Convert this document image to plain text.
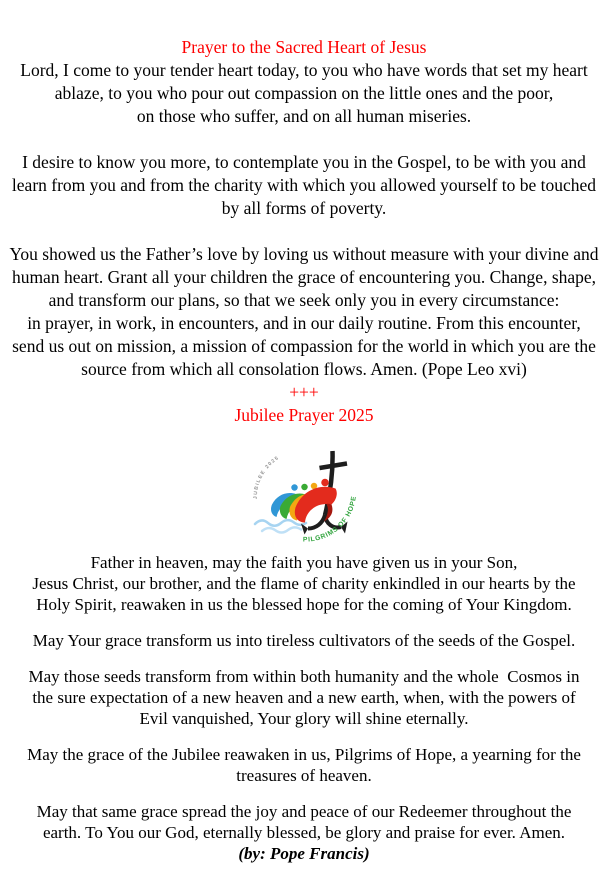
Prayer to the Sacred Heart of Jesus
Lord, I come to your tender heart today, to you who have words that set my heart
ablaze, to you who pour out compassion on the little ones and the poor,
on those who suffer, and on all human miseries.
I desire to know you more, to contemplate you in the Gospel, to be with you and
learn from you and from the charity with which you allowed yourself to be touched
by all forms of poverty.
You showed us the Father’s love by loving us without measure with your divine and
human heart. Grant all your children the grace of encountering you. Change, shape,
and transform our plans, so that we seek only you in every circumstance:
in prayer, in work, in encounters, and in our daily routine. From this encounter,
send us out on mission, a mission of compassion for the world in which you are the
source from which all consolation flows. Amen. (Pope Leo xvi)
+++
Jubilee Prayer 2025
JUBILEE 2025
PILGRIMS OF HOPE
Father in heaven, may the faith you have given us in your Son,
Jesus Christ, our brother, and the flame of charity enkindled in our hearts by the
Holy Spirit, reawaken in us the blessed hope for the coming of Your Kingdom.
May Your grace transform us into tireless cultivators of the seeds of the Gospel.
May those seeds transform from within both humanity and the whole  Cosmos in
the sure expectation of a new heaven and a new earth, when, with the powers of
Evil vanquished, Your glory will shine eternally.
May the grace of the Jubilee reawaken in us, Pilgrims of Hope, a yearning for the
treasures of heaven.
May that same grace spread the joy and peace of our Redeemer throughout the
earth. To You our God, eternally blessed, be glory and praise for ever. Amen.
(by: Pope Francis)
